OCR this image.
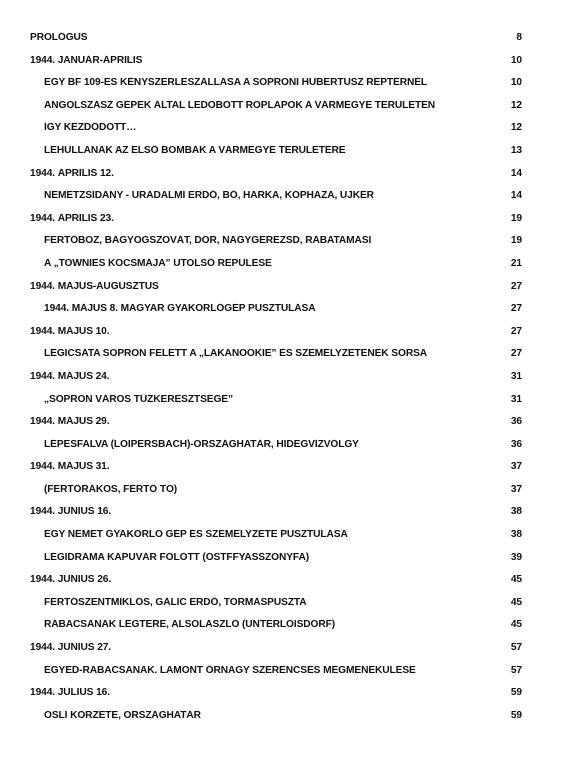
PROLÓGUS	8
1944. JANUÁR-ÁPRILIS	10
EGY BF 109-ES KÉNYSZERLESZÁLLÁSA A SOPRONI HUBERTUSZ REPTÉRNÉL	10
ANGOLSZÁSZ GÉPEK ÁLTAL LEDOBOTT RÖPLAPOK A VÁRMEGYE TERÜLETÉN	12
ÍGY KEZDŐDÖTT…	12
LEHULLANAK AZ ELSŐ BOMBÁK A VÁRMEGYE TERÜLETÉRE	13
1944. ÁPRILIS 12.	14
NÉMETZSIDÁNY - URADALMI ERDŐ, BŐ, HARKA, KÓPHÁZA, ÚJKÉR	14
1944. ÁPRILIS 23.	19
FERTŐBOZ, BÁGYOGSZOVÁT, DÖR, NAGYGEREZSD, RÁBATAMÁSI	19
A „TOWNIES KOCSMÁJA” UTOLSÓ REPÜLÉSE	21
1944. MÁJUS-AUGUSZTUS	27
1944. MÁJUS 8. MAGYAR GYAKORLÓGÉP PUSZTULÁSA	27
1944. MÁJUS 10.	27
LÉGICSATA SOPRON FELETT A „LAKANOOKIE” ÉS SZEMÉLYZETÉNEK SORSA	27
1944. MÁJUS 24.	31
„SOPRON VÁROS TŰZKERESZTSÉGE”	31
1944. MÁJUS 29.	36
LÉPESFALVA (LOIPERSBACH)-ORSZÁGHATÁR, HIDEGVÍZVÖLGY	36
1944. MÁJUS 31.	37
(FERTŐRÁKOS, FERTŐ TÓ)	37
1944. JÚNIUS 16.	38
EGY NÉMET GYAKORLÓ GÉP ÉS SZEMÉLYZETE PUSZTULÁSA	38
LÉGIDRÁMA KAPUVÁR FÖLÖTT (OSTFFYASSZONYFA)	39
1944. JÚNIUS 26.	45
FERTŐSZENTMIKLÓS, GÁLIC ERDŐ, TORMÁSPUSZTA	45
RÁBACSANAK LÉGTERE, ALSÓLÁSZLÓ (UNTERLOISDORF)	45
1944. JÚNIUS 27.	57
EGYED-RÁBACSANAK. LAMONT ŐRNAGY SZERENCSÉS MEGMENEKÜLÉSE	57
1944. JÚLIUS 16.	59
OSLI KÖRZETE, ORSZÁGHATÁR	59
